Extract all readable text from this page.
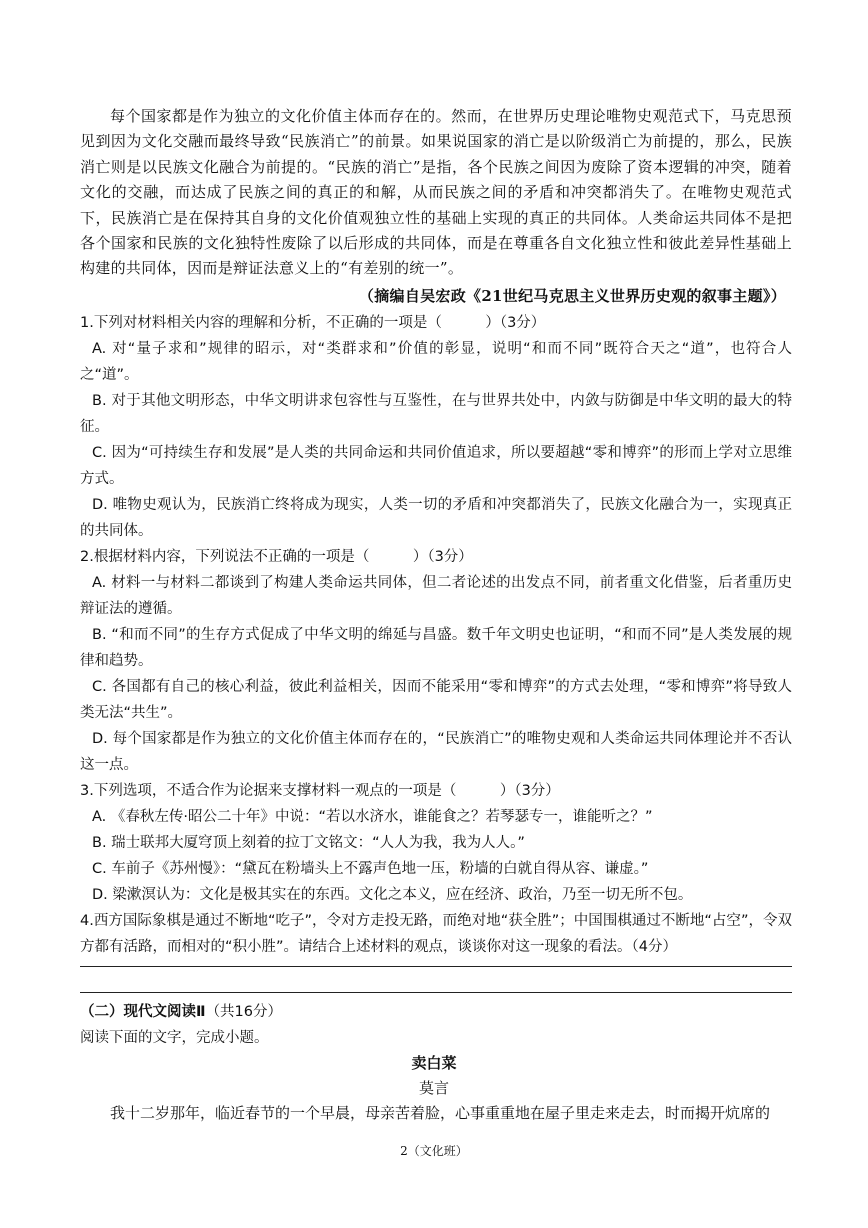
每个国家都是作为独立的文化价值主体而存在的。然而，在世界历史理论唯物史观范式下，马克思预见到因为文化交融而最终导致“民族消亡”的前景。如果说国家的消亡是以阶级消亡为前提的，那么，民族消亡则是以民族文化融合为前提的。“民族的消亡”是指，各个民族之间因为废除了资本逻辑的冲突，随着文化的交融，而达成了民族之间的真正的和解，从而民族之间的矛盾和冲突都消失了。在唯物史观范式下，民族消亡是在保持其自身的文化价值观独立性的基础上实现的真正的共同体。人类命运共同体不是把各个国家和民族的文化独特性废除了以后形成的共同体，而是在尊重各自文化独立性和彼此差异性基础上构建的共同体，因而是辩证法意义上的“有差别的统一”。

（摘编自吴宏政《21世纪马克思主义世界历史观的叙事主题》）

1.下列对材料相关内容的理解和分析，不正确的一项是（　　　）（3分）

A. 对“量子求和”规律的昭示，对“类群求和”价值的彰显，说明“和而不同”既符合天之“道”，也符合人之“道”。

B. 对于其他文明形态，中华文明讲求包容性与互鉴性，在与世界共处中，内敛与防御是中华文明的最大的特征。

C. 因为“可持续生存和发展”是人类的共同命运和共同价值追求，所以要超越“零和博弈”的形而上学对立思维方式。

D. 唯物史观认为，民族消亡终将成为现实，人类一切的矛盾和冲突都消失了，民族文化融合为一，实现真正的共同体。

2.根据材料内容，下列说法不正确的一项是（　　　）（3分）

A. 材料一与材料二都谈到了构建人类命运共同体，但二者论述的出发点不同，前者重文化借鉴，后者重历史辩证法的遵循。

B. “和而不同”的生存方式促成了中华文明的绵延与昌盛。数千年文明史也证明，“和而不同”是人类发展的规律和趋势。

C. 各国都有自己的核心利益，彼此利益相关，因而不能采用“零和博弈”的方式去处理，“零和博弈”将导致人类无法“共生”。

D. 每个国家都是作为独立的文化价值主体而存在的，“民族消亡”的唯物史观和人类命运共同体理论并不否认这一点。

3.下列选项，不适合作为论据来支撑材料一观点的一项是（　　　）（3分）

A. 《春秋左传·昭公二十年》中说：“若以水济水，谁能食之？若琴瑟专一，谁能听之？”

B. 瑞士联邦大厦穹顶上刻着的拉丁文铭文：“人人为我，我为人人。”

C. 车前子《苏州慢》：“黛瓦在粉墙头上不露声色地一压，粉墙的白就自得从容、谦虚。”

D. 梁漱溟认为：文化是极其实在的东西。文化之本义，应在经济、政治，乃至一切无所不包。

4.西方国际象棋是通过不断地“吃子”，令对方走投无路，而绝对地“获全胜”；中国围棋通过不断地“占空”，令双方都有活路，而相对的“积小胜”。请结合上述材料的观点，谈谈你对这一现象的看法。（4分）

（二）现代文阅读Ⅱ（共16分）

阅读下面的文字，完成小题。

卖白菜

莫言

我十二岁那年，临近春节的一个早晨，母亲苦着脸，心事重重地在屋子里走来走去，时而揭开炕席的

2（文化班）
